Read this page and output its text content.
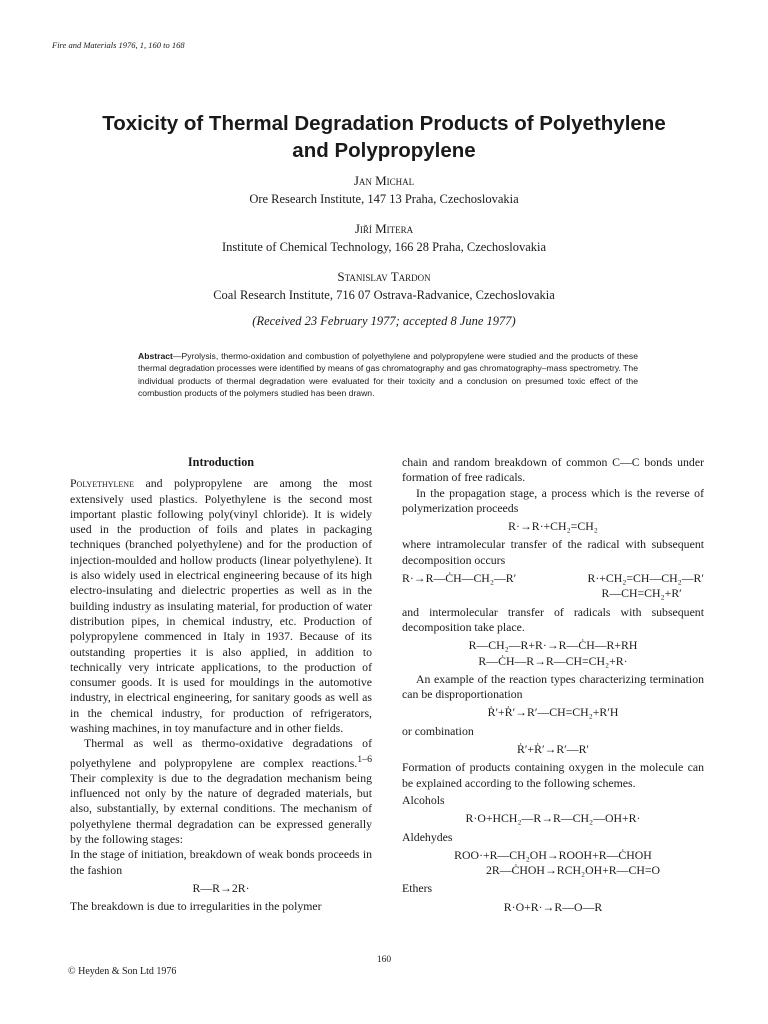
Fire and Materials 1976, 1, 160 to 168
Toxicity of Thermal Degradation Products of Polyethylene
and Polypropylene
Jan Michal
Ore Research Institute, 147 13 Praha, Czechoslovakia
Jiří Mitera
Institute of Chemical Technology, 166 28 Praha, Czechoslovakia
Stanislav Tardon
Coal Research Institute, 716 07 Ostrava-Radvanice, Czechoslovakia
(Received 23 February 1977; accepted 8 June 1977)
Abstract—Pyrolysis, thermo-oxidation and combustion of polyethylene and polypropylene were studied and the products of these thermal degradation processes were identified by means of gas chromatography and gas chromatography–mass spectrometry. The individual products of thermal degradation were evaluated for their toxicity and a conclusion on presumed toxic effect of the combustion products of the polymers studied has been drawn.

Introduction

Polyethylene and polypropylene are among the most extensively used plastics. Polyethylene is the second most important plastic following poly(vinyl chloride). It is widely used in the production of foils and plates in packaging techniques (branched polyethylene) and for the production of injection-moulded and hollow products (linear polyethylene). It is also widely used in electrical engineering because of its high electro-insulating and dielectric properties as well as in the building industry as insulating material, for production of water distribution pipes, in chemical industry, etc. Production of polypropylene commenced in Italy in 1937. Because of its outstanding properties it is also applied, in addition to technically very intricate applications, to the production of consumer goods. It is used for mouldings in the automotive industry, in electrical engineering, for sanitary goods as well as in the chemical industry, for production of refrigerators, washing machines, in toy manufacture and in other fields.

Thermal as well as thermo-oxidative degradations of polyethylene and polypropylene are complex reactions.$^{1-6}$ Their complexity is due to the degradation mechanism being influenced not only by the nature of degraded materials, but also, substantially, by external conditions. The mechanism of polyethylene thermal degradation can be expressed generally by the following stages:

In the stage of initiation, breakdown of weak bonds proceeds in the fashion

R—R→2R·

The breakdown is due to irregularities in the polymer

chain and random breakdown of common C—C bonds under formation of free radicals.

In the propagation stage, a process which is the reverse of polymerization proceeds

R·→R·+CH₂=CH₂

where intramolecular transfer of the radical with subsequent decomposition occurs

R·→R—ĊH—CH₂—R′	R·+CH₂=CH—CH₂—R′
R—CH=CH₂+R′

and intermolecular transfer of radicals with subsequent decomposition take place.

R—CH₂—R+R·→R—ĊH—R+RH

R—ĊH—R→R—CH=CH₂+R·

An example of the reaction types characterizing termination can be disproportionation

Ṙ′+Ṙ′→R′—CH=CH₂+R′H

or combination

Ṙ′+Ṙ′→R′—R′

Formation of products containing oxygen in the molecule can be explained according to the following schemes.

Alcohols

R·O+HCH₂—R→R—CH₂—OH+R·

Aldehydes

ROO·+R—CH₂OH→ROOH+R—ĊHOH

2R—ĊHOH→RCH₂OH+R—CH=O

Ethers

R·O+R·→R—O—R

160
© Heyden & Son Ltd 1976
